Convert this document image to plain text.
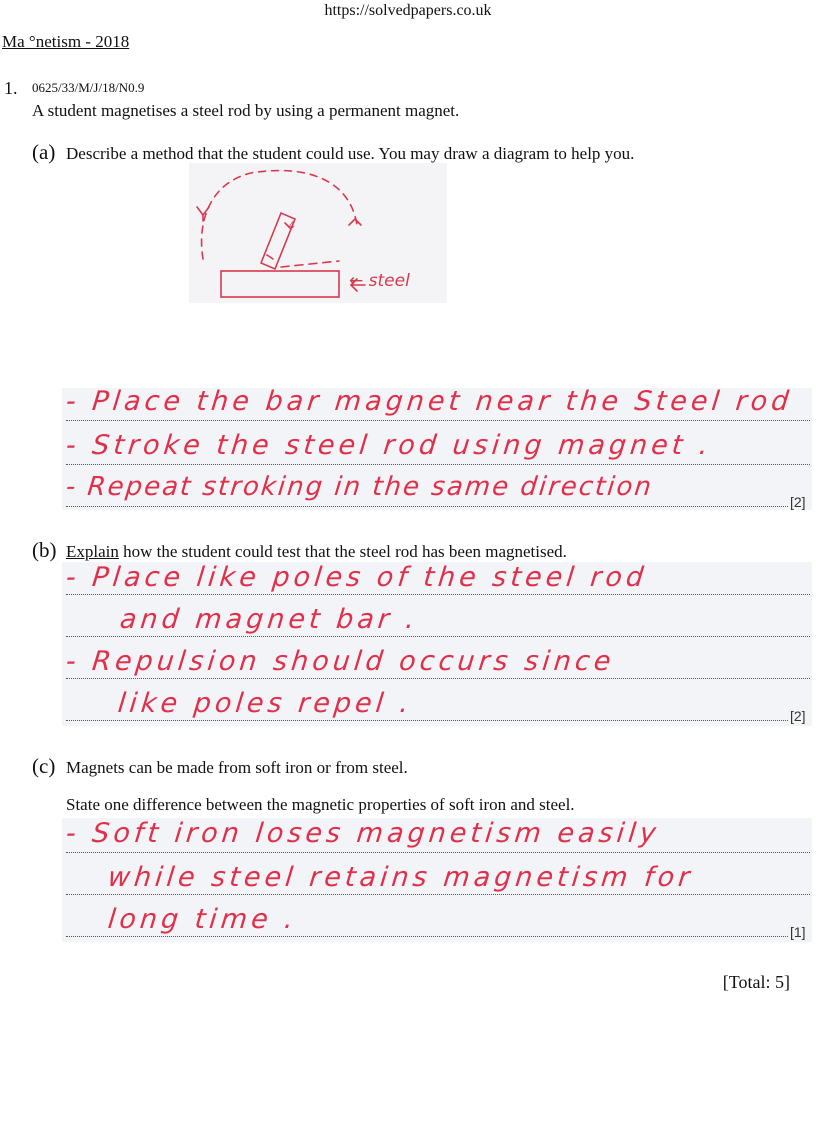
https://solvedpapers.co.uk
Ma °netism - 2018
1. 0625/33/M/J/18/N0.9
A student magnetises a steel rod by using a permanent magnet.
(a) Describe a method that the student could use. You may draw a diagram to help you.
4
← steel
- Place the bar magnet near the Steel rod
- Stroke the steel rod using magnet .
- Repeat stroking in the same direction	[2]
(b) Explain how the student could test that the steel rod has been magnetised.
- Place like poles of the steel rod
and magnet bar .
- Repulsion should occurs since
like poles repel .	[2]
(c) Magnets can be made from soft iron or from steel.
State one difference between the magnetic properties of soft iron and steel.
- Soft iron loses magnetism easily
while steel retains magnetism for
long time .	[1]
[Total: 5]
